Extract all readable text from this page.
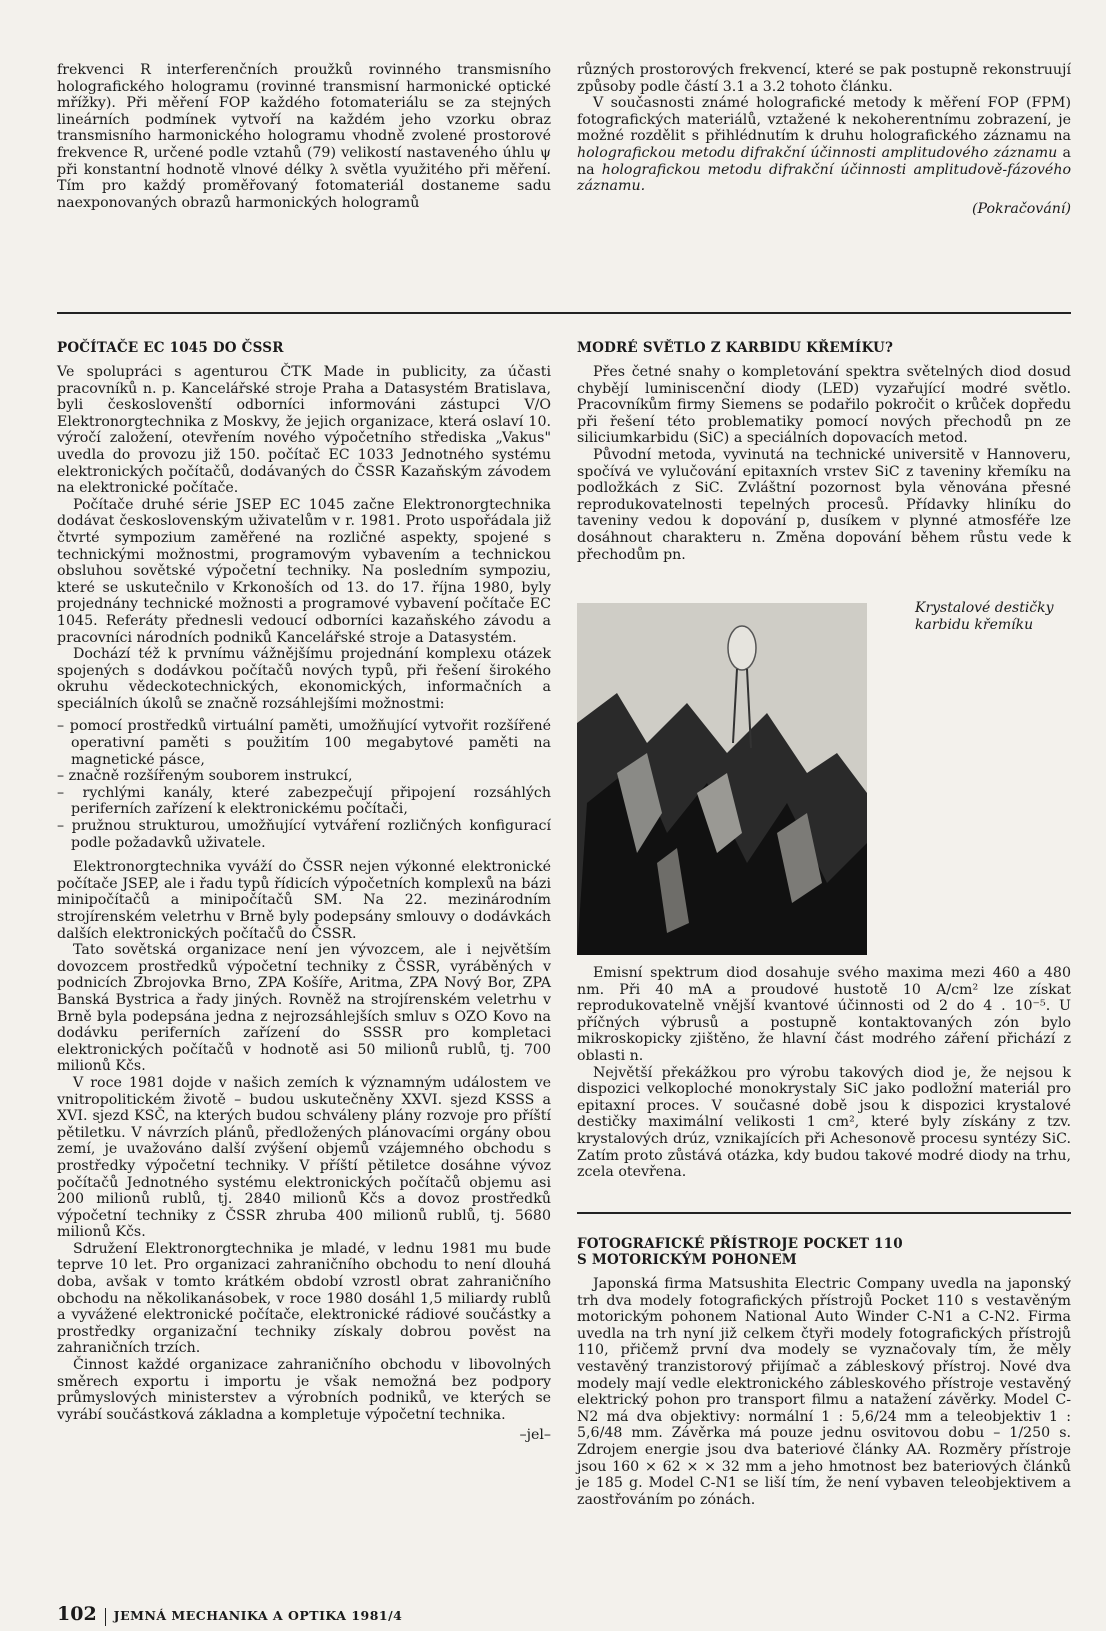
frekvenci R interferenčních proužků rovinného transmisního holografického hologramu (rovinné transmisní harmonické optické mřížky). Při měření FOP každého fotomateriálu se za stejných lineárních podmínek vytvoří na každém jeho vzorku obraz transmisního harmonického hologramu vhodně zvolené prostorové frekvence R, určené podle vztahů (79) velikostí nastaveného úhlu ψ při konstantní hodnotě vlnové délky λ světla využitého při měření. Tím pro každý proměřovaný fotomateriál dostaneme sadu naexponovaných obrazů harmonických hologramů

různých prostorových frekvencí, které se pak postupně rekonstruují způsoby podle částí 3.1 a 3.2 tohoto článku.

V současnosti známé holografické metody k měření FOP (FPM) fotografických materiálů, vztažené k nekoherentnímu zobrazení, je možné rozdělit s přihlédnutím k druhu holografického záznamu na holografickou metodu difrakční účinnosti amplitudového záznamu a na holografickou metodu difrakční účinnosti amplitudově-fázového záznamu.

(Pokračování)

POČÍTAČE EC 1045 DO ČSSR

Ve spolupráci s agenturou ČTK Made in publicity, za účasti pracovníků n. p. Kancelářské stroje Praha a Datasystém Bratislava, byli českoslovenští odborníci informováni zástupci V/O Elektronorgtechnika z Moskvy, že jejich organizace, která oslaví 10. výročí založení, otevřením nového výpočetního střediska „Vakus" uvedla do provozu již 150. počítač EC 1033 Jednotného systému elektronických počítačů, dodávaných do ČSSR Kazaňským závodem na elektronické počítače.

Počítače druhé série JSEP EC 1045 začne Elektronorgtechnika dodávat československým uživatelům v r. 1981. Proto uspořádala již čtvrté sympozium zaměřené na rozličné aspekty, spojené s technickými možnostmi, programovým vybavením a technickou obsluhou sovětské výpočetní techniky. Na posledním sympoziu, které se uskutečnilo v Krkonoších od 13. do 17. října 1980, byly projednány technické možnosti a programové vybavení počítače EC 1045. Referáty přednesli vedoucí odborníci kazaňského závodu a pracovníci národních podniků Kancelářské stroje a Datasystém.

Dochází též k prvnímu vážnějšímu projednání komplexu otázek spojených s dodávkou počítačů nových typů, při řešení širokého okruhu vědeckotechnických, ekonomických, informačních a speciálních úkolů se značně rozsáhlejšími možnostmi:

– pomocí prostředků virtuální paměti, umožňující vytvořit rozšířené operativní paměti s použitím 100 megabytové paměti na magnetické pásce,
– značně rozšířeným souborem instrukcí,
– rychlými kanály, které zabezpečují připojení rozsáhlých periferních zařízení k elektronickému počítači,
– pružnou strukturou, umožňující vytváření rozličných konfigurací podle požadavků uživatele.

Elektronorgtechnika vyváží do ČSSR nejen výkonné elektronické počítače JSEP, ale i řadu typů řídicích výpočetních komplexů na bázi minipočítačů a minipočítačů SM. Na 22. mezinárodním strojírenském veletrhu v Brně byly podepsány smlouvy o dodávkách dalších elektronických počítačů do ČSSR.

Tato sovětská organizace není jen vývozcem, ale i největším dovozcem prostředků výpočetní techniky z ČSSR, vyráběných v podnicích Zbrojovka Brno, ZPA Košíře, Aritma, ZPA Nový Bor, ZPA Banská Bystrica a řady jiných. Rovněž na strojírenském veletrhu v Brně byla podepsána jedna z nejrozsáhlejších smluv s OZO Kovo na dodávku periferních zařízení do SSSR pro kompletaci elektronických počítačů v hodnotě asi 50 milionů rublů, tj. 700 milionů Kčs.

V roce 1981 dojde v našich zemích k významným událostem ve vnitropolitickém životě – budou uskutečněny XXVI. sjezd KSSS a XVI. sjezd KSČ, na kterých budou schváleny plány rozvoje pro příští pětiletku. V návrzích plánů, předložených plánovacími orgány obou zemí, je uvažováno další zvýšení objemů vzájemného obchodu s prostředky výpočetní techniky. V příští pětiletce dosáhne vývoz počítačů Jednotného systému elektronických počítačů objemu asi 200 milionů rublů, tj. 2840 milionů Kčs a dovoz prostředků výpočetní techniky z ČSSR zhruba 400 milionů rublů, tj. 5680 milionů Kčs.

Sdružení Elektronorgtechnika je mladé, v lednu 1981 mu bude teprve 10 let. Pro organizaci zahraničního obchodu to není dlouhá doba, avšak v tomto krátkém období vzrostl obrat zahraničního obchodu na několikanásobek, v roce 1980 dosáhl 1,5 miliardy rublů a vyvážené elektronické počítače, elektronické rádiové součástky a prostředky organizační techniky získaly dobrou pověst na zahraničních trzích.

Činnost každé organizace zahraničního obchodu v libovolných směrech exportu i importu je však nemožná bez podpory průmyslových ministerstev a výrobních podniků, ve kterých se vyrábí součástková základna a kompletuje výpočetní technika.

–jel–

MODRÉ SVĚTLO Z KARBIDU KŘEMÍKU?

Přes četné snahy o kompletování spektra světelných diod dosud chybějí luminiscenční diody (LED) vyzařující modré světlo. Pracovníkům firmy Siemens se podařilo pokročit o krůček dopředu při řešení této problematiky pomocí nových přechodů pn ze siliciumkarbidu (SiC) a speciálních dopovacích metod.

Původní metoda, vyvinutá na technické universitě v Hannoveru, spočívá ve vylučování epitaxních vrstev SiC z taveniny křemíku na podložkách z SiC. Zvláštní pozornost byla věnována přesné reprodukovatelnosti tepelných procesů. Přídavky hliníku do taveniny vedou k dopování p, dusíkem v plynné atmosféře lze dosáhnout charakteru n. Změna dopování během růstu vede k přechodům pn.

Krystalové destičky
karbidu křemíku

Emisní spektrum diod dosahuje svého maxima mezi 460 a 480 nm. Při 40 mA a proudové hustotě 10 A/cm² lze získat reprodukovatelně vnější kvantové účinnosti od 2 do 4 . 10⁻⁵. U příčných výbrusů a postupně kontaktovaných zón bylo mikroskopicky zjištěno, že hlavní část modrého záření přichází z oblasti n.

Největší překážkou pro výrobu takových diod je, že nejsou k dispozici velkoploché monokrystaly SiC jako podložní materiál pro epitaxní proces. V současné době jsou k dispozici krystalové destičky maximální velikosti 1 cm², které byly získány z tzv. krystalových drúz, vznikajících při Achesonově procesu syntézy SiC. Zatím proto zůstává otázka, kdy budou takové modré diody na trhu, zcela otevřena.

FOTOGRAFICKÉ PŘÍSTROJE POCKET 110
S MOTORICKÝM POHONEM

Japonská firma Matsushita Electric Company uvedla na japonský trh dva modely fotografických přístrojů Pocket 110 s vestavěným motorickým pohonem National Auto Winder C-N1 a C-N2. Firma uvedla na trh nyní již celkem čtyři modely fotografických přístrojů 110, přičemž první dva modely se vyznačovaly tím, že měly vestavěný tranzistorový přijímač a zábleskový přístroj. Nové dva modely mají vedle elektronického zábleskového přístroje vestavěný elektrický pohon pro transport filmu a natažení závěrky. Model C-N2 má dva objektivy: normální 1 : 5,6/24 mm a teleobjektiv 1 : 5,6/48 mm. Závěrka má pouze jednu osvitovou dobu – 1/250 s. Zdrojem energie jsou dva bateriové články AA. Rozměry přístroje jsou 160 × 62 × × 32 mm a jeho hmotnost bez bateriových článků je 185 g. Model C-N1 se liší tím, že není vybaven teleobjektivem a zaostřováním po zónách.

102 JEMNÁ MECHANIKA A OPTIKA 1981/4
